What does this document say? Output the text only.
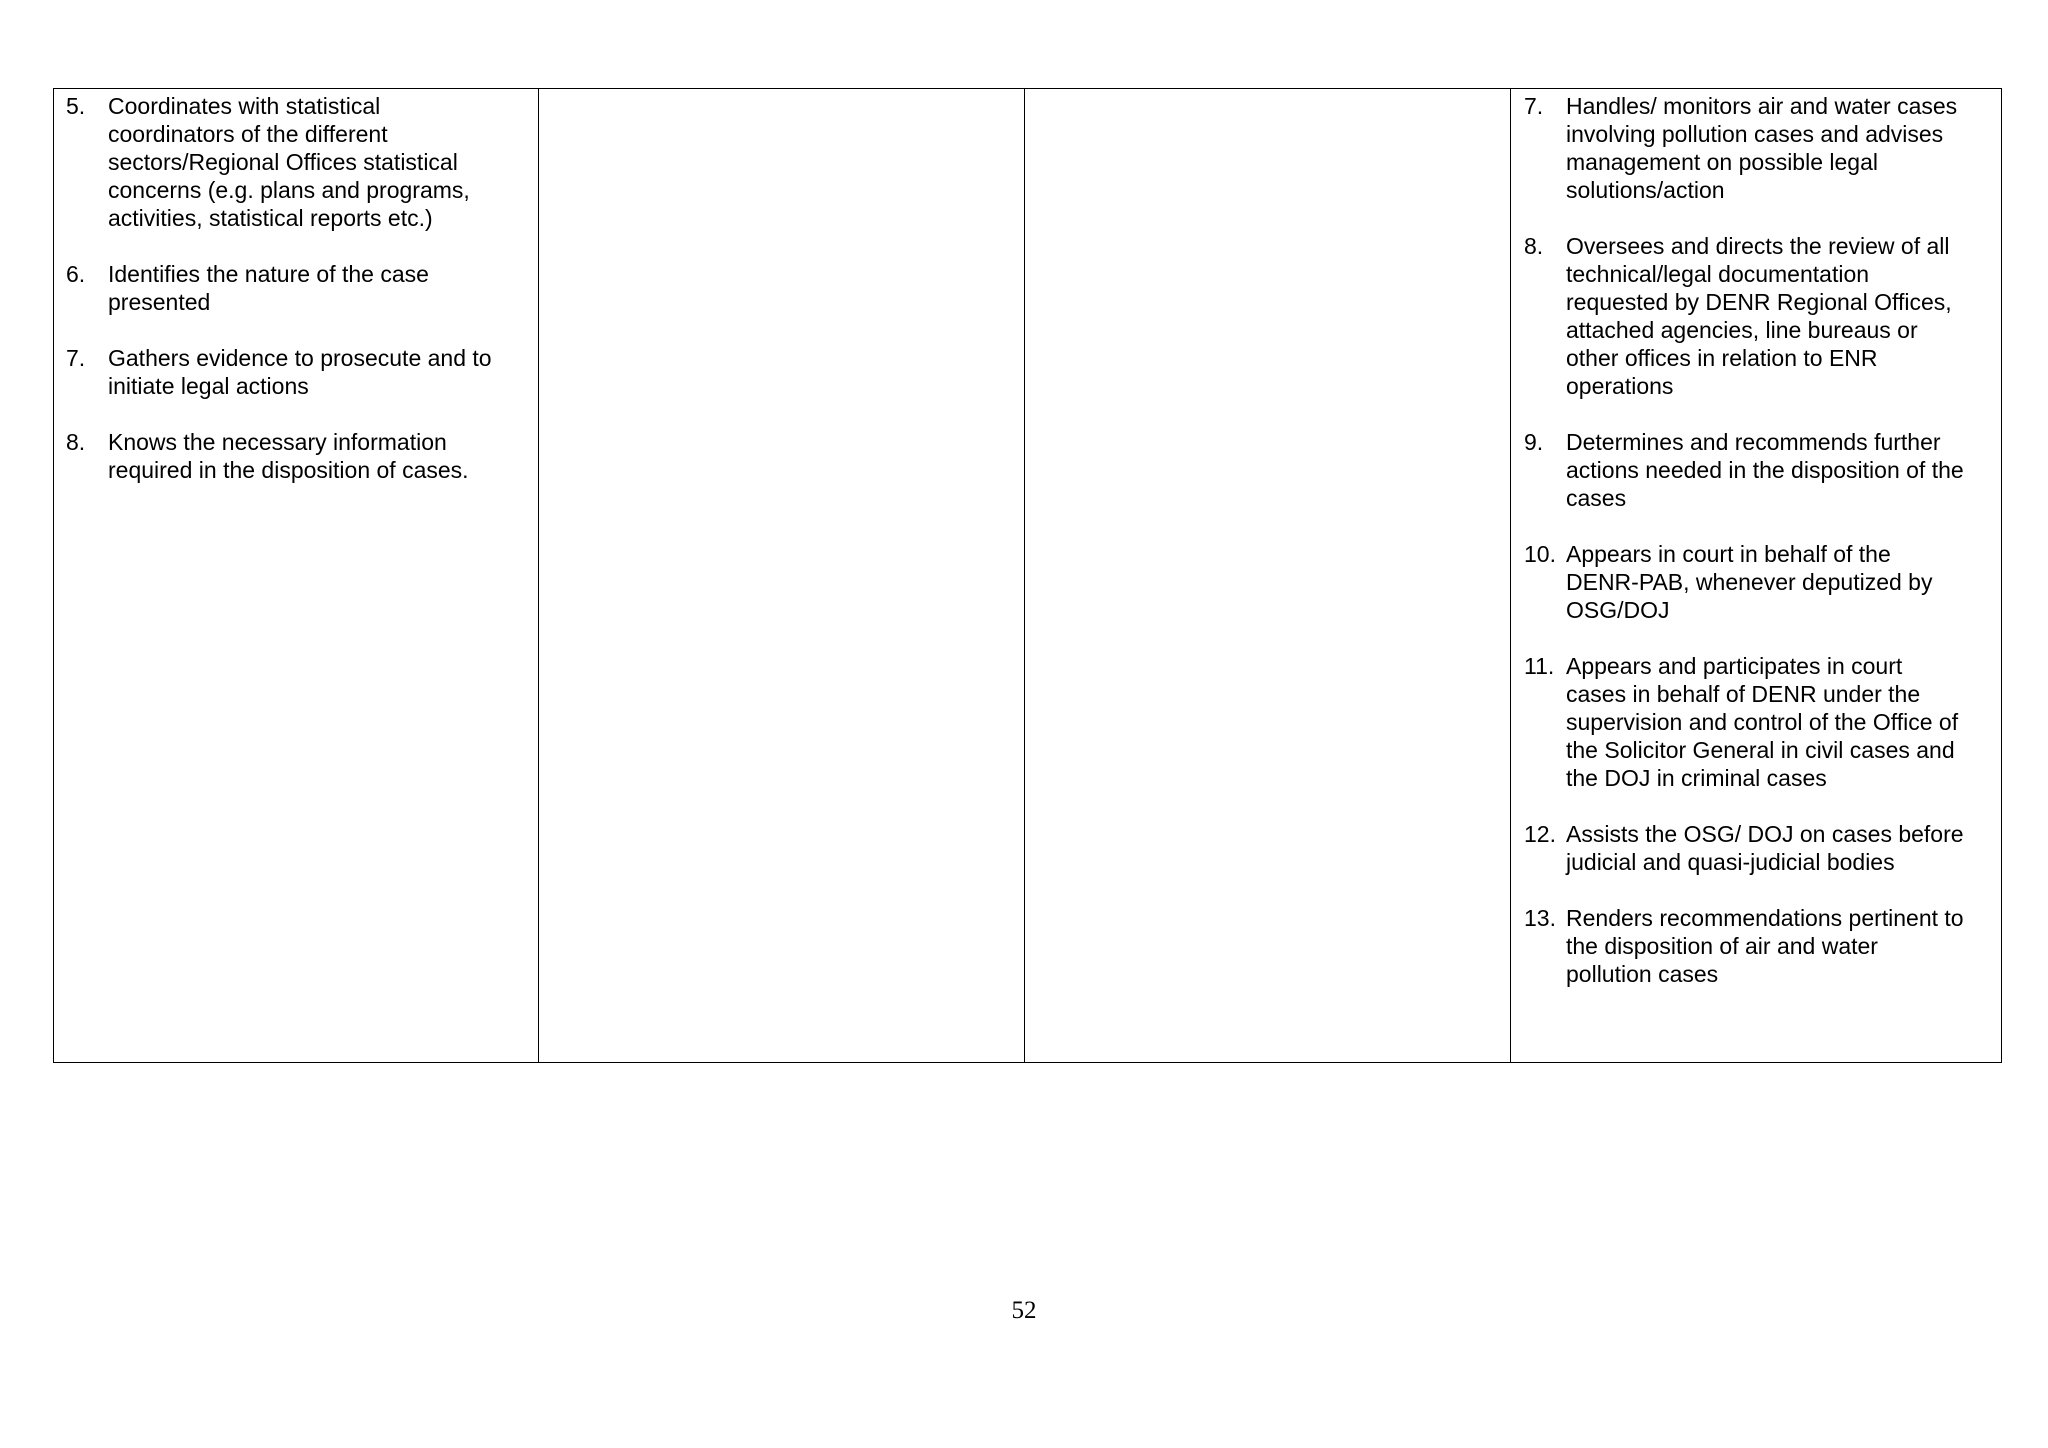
5. Coordinates with statistical
coordinators of the different
sectors/Regional Offices statistical
concerns (e.g. plans and programs,
activities, statistical reports etc.)
6. Identifies the nature of the case
presented
7. Gathers evidence to prosecute and to
initiate legal actions
8. Knows the necessary information
required in the disposition of cases.

7. Handles/ monitors air and water cases
involving pollution cases and advises
management on possible legal
solutions/action
8. Oversees and directs the review of all
technical/legal documentation
requested by DENR Regional Offices,
attached agencies, line bureaus or
other offices in relation to ENR
operations
9. Determines and recommends further
actions needed in the disposition of the
cases
10. Appears in court in behalf of the
DENR-PAB, whenever deputized by
OSG/DOJ
11. Appears and participates in court
cases in behalf of DENR under the
supervision and control of the Office of
the Solicitor General in civil cases and
the DOJ in criminal cases
12. Assists the OSG/ DOJ on cases before
judicial and quasi-judicial bodies
13. Renders recommendations pertinent to
the disposition of air and water
pollution cases
52
